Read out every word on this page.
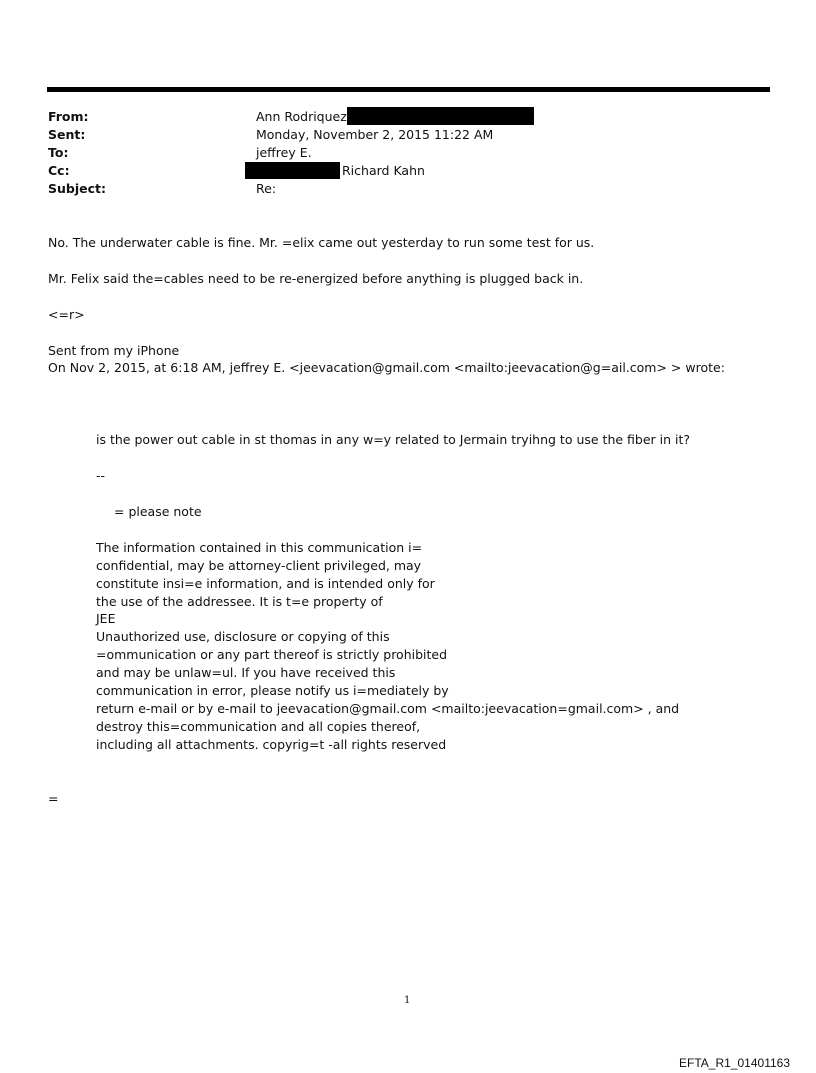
From:	Ann Rodriquez
Sent:	Monday, November 2, 2015 11:22 AM
To:	jeffrey E.
Cc:	Richard Kahn
Subject:	Re:
No. The underwater cable is fine. Mr. =elix came out yesterday to run some test for us.
Mr. Felix said the=cables need to be re-energized before anything is plugged back in.
<=r>
Sent from my iPhone
On Nov 2, 2015, at 6:18 AM, jeffrey E. <jeevacation@gmail.com <mailto:jeevacation@g=ail.com> > wrote:
is the power out cable in st thomas in any w=y related to Jermain tryihng to use the fiber in it?
--
= please note
The information contained in this communication i=
confidential, may be attorney-client privileged, may
constitute insi=e information, and is intended only for
the use of the addressee. It is t=e property of
JEE
Unauthorized use, disclosure or copying of this
=ommunication or any part thereof is strictly prohibited
and may be unlaw=ul. If you have received this
communication in error, please notify us i=mediately by
return e-mail or by e-mail to jeevacation@gmail.com <mailto:jeevacation=gmail.com> , and
destroy this=communication and all copies thereof,
including all attachments. copyrig=t -all rights reserved
=
1
EFTA_R1_01401163
